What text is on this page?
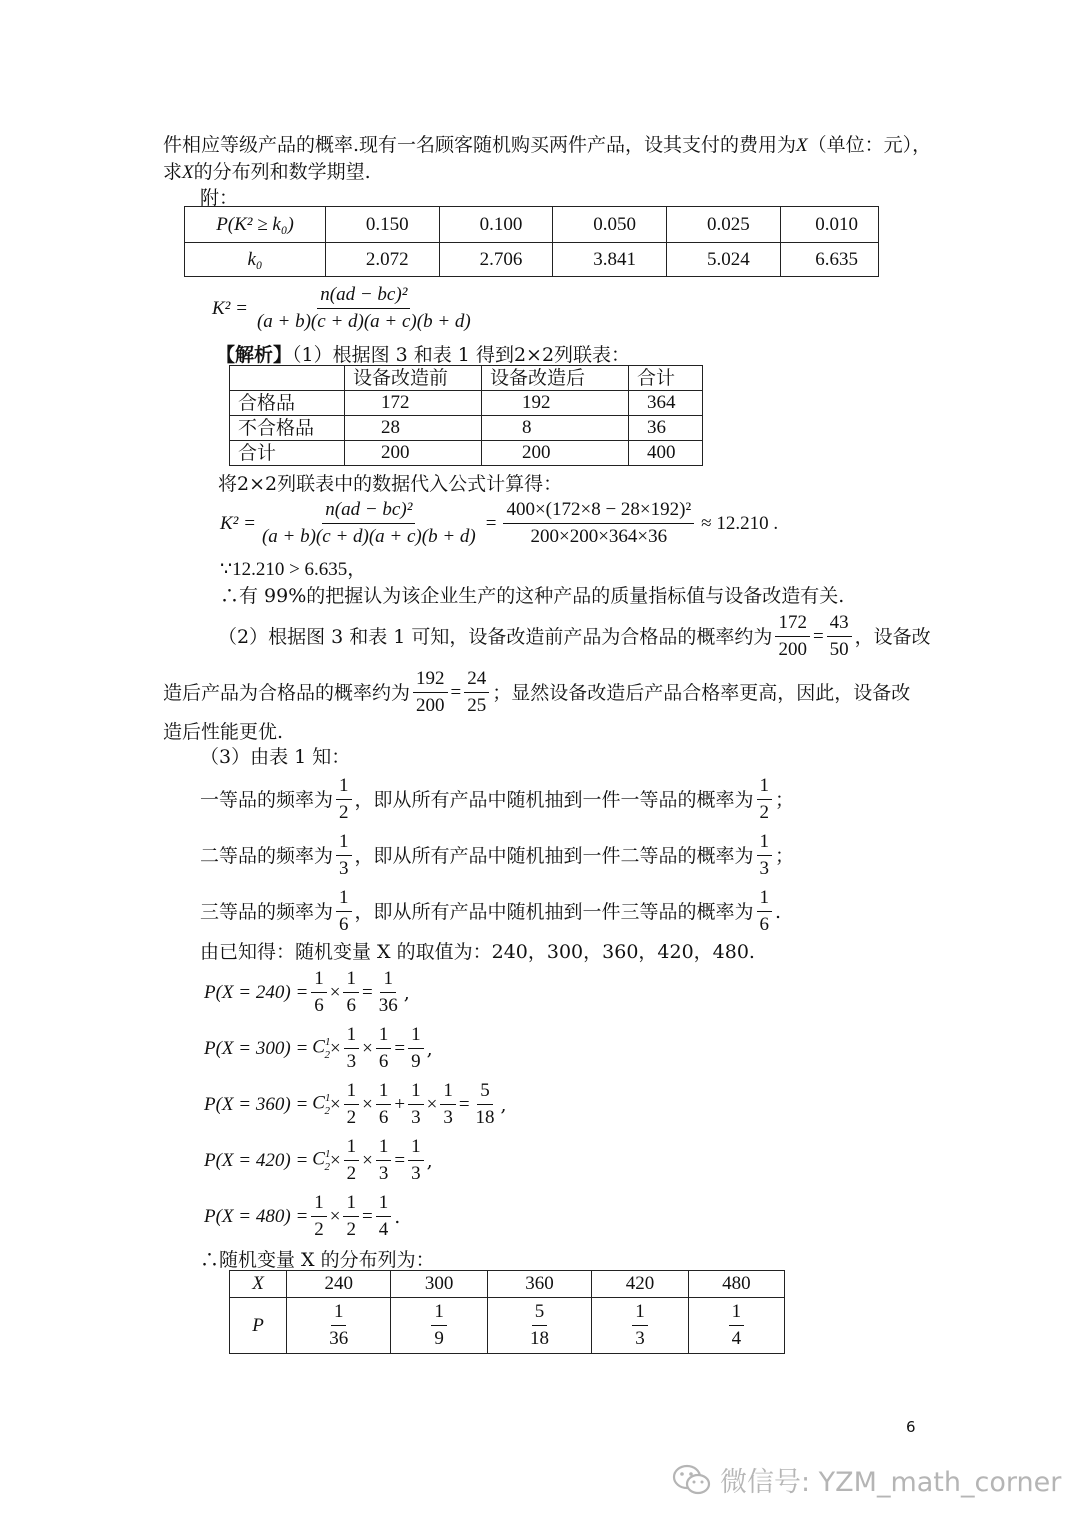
件相应等级产品的概率.现有一名顾客随机购买两件产品，设其支付的费用为X（单位：元），
求X的分布列和数学期望.
附：
P(K² ≥ k₀)	0.150	0.100	0.050	0.025	0.010
k₀	2.072	2.706	3.841	5.024	6.635
$K^2 = \frac{\text{n(ad − bc)²}}{(a + b)(c + d)(a + c)(b + d)}$
【解析】（1）根据图 3 和表 1 得到2×2列联表：
	设备改造前	设备改造后	合计
合格品	172	192	364
不合格品	28	8	36
合计	200	200	400
将2×2列联表中的数据代入公式计算得：
$K^2 = \frac{\text{n(ad − bc)²}}{(a + b)(c + d)(a + c)(b + d)} = \frac{\text{400×(172×8 − 28×192)²}}{200\times 200\times 364\times 36} \approx 12.210$ .
∵12.210 > 6.635，
∴有 99%的把握认为该企业生产的这种产品的质量指标值与设备改造有关.
（2）根据图 3 和表 1 可知，设备改造前产品为合格品的概率约为 $\frac{172}{200} = \frac{43}{50}$ ，设备改
造后产品为合格品的概率约为 $\frac{192}{200} = \frac{24}{25}$ ；显然设备改造后产品合格率更高，因此，设备改
造后性能更优.
（3）由表 1 知：
一等品的频率为 $\frac{1}{2}$ ，即从所有产品中随机抽到一件一等品的概率为 $\frac{1}{2}$ ；
二等品的频率为 $\frac{1}{3}$ ，即从所有产品中随机抽到一件二等品的概率为 $\frac{1}{3}$ ；
三等品的频率为 $\frac{1}{6}$ ，即从所有产品中随机抽到一件三等品的概率为 $\frac{1}{6}$ .
由已知得：随机变量 X 的取值为：240，300，360，420，480.
$P(X = 240) = \frac{1}{6} \times \frac{1}{6} = \frac{1}{36}$ ,
$P(X = 300) = C^1_2 \times \frac{1}{3} \times \frac{1}{6} = \frac{1}{9}$ ,
$P(X = 360) = C^1_2 \times \frac{1}{2} \times \frac{1}{6} + \frac{1}{3} \times \frac{1}{3} = \frac{5}{18}$ ,
$P(X = 420) = C^1_2 \times \frac{1}{2} \times \frac{1}{3} = \frac{1}{3}$ ,
$P(X = 480) = \frac{1}{2} \times \frac{1}{2} = \frac{1}{4}$ .
∴随机变量 X 的分布列为：
X	240	300	360	420	480
P	$\frac{1}{36}$	$\frac{1}{9}$	$\frac{5}{18}$	$\frac{1}{3}$	$\frac{1}{4}$
6
微信号: YZM_math_corner
